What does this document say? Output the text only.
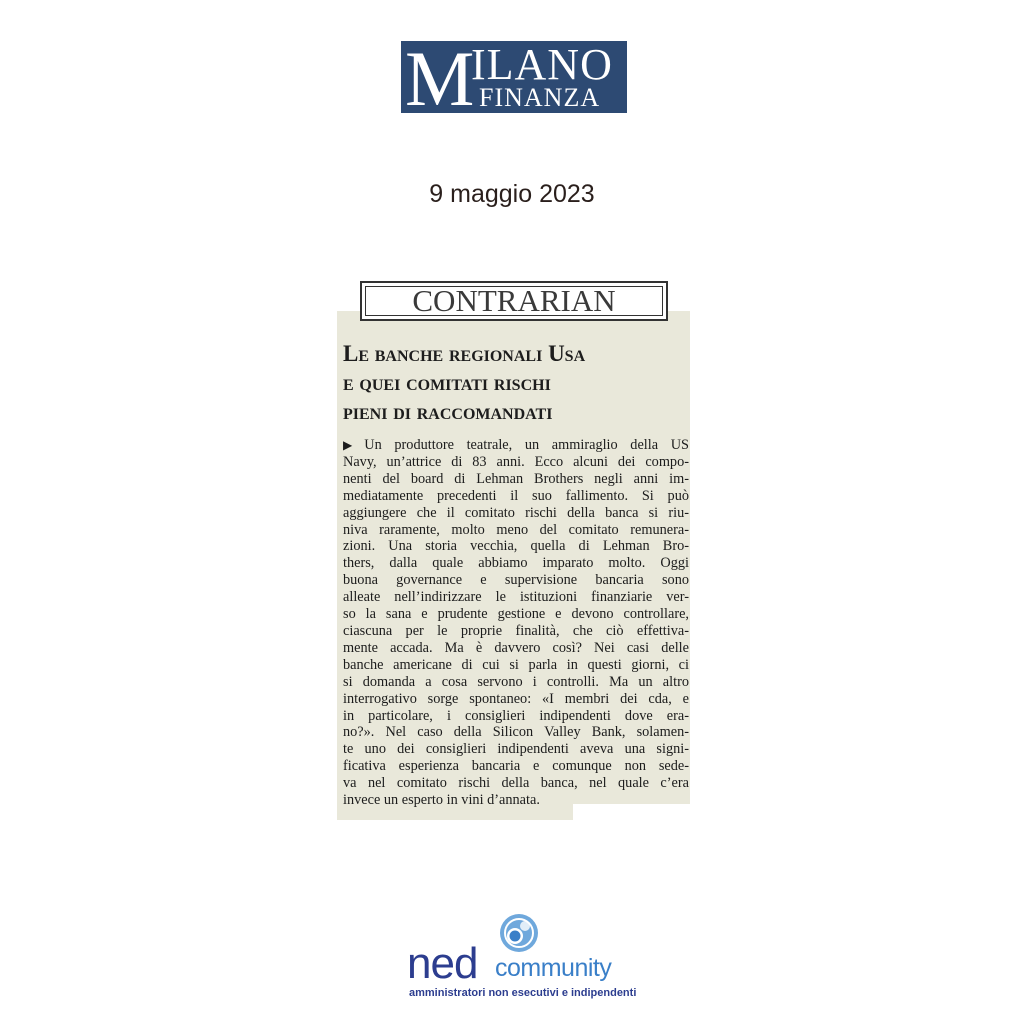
M
ILANO
FINANZA
9 maggio 2023
CONTRARIAN
Le banche regionali Usa
e quei comitati rischi
pieni di raccomandati
▶ Un produttore teatrale, un ammiraglio della US
Navy, un’attrice di 83 anni. Ecco alcuni dei compo-
nenti del board di Lehman Brothers negli anni im-
mediatamente precedenti il suo fallimento. Si può
aggiungere che il comitato rischi della banca si riu-
niva raramente, molto meno del comitato remunera-
zioni. Una storia vecchia, quella di Lehman Bro-
thers, dalla quale abbiamo imparato molto. Oggi
buona governance e supervisione bancaria sono
alleate nell’indirizzare le istituzioni finanziarie ver-
so la sana e prudente gestione e devono controllare,
ciascuna per le proprie finalità, che ciò effettiva-
mente accada. Ma è davvero così? Nei casi delle
banche americane di cui si parla in questi giorni, ci
si domanda a cosa servono i controlli. Ma un altro
interrogativo sorge spontaneo: «I membri dei cda, e
in particolare, i consiglieri indipendenti dove era-
no?». Nel caso della Silicon Valley Bank, solamen-
te uno dei consiglieri indipendenti aveva una signi-
ficativa esperienza bancaria e comunque non sede-
va nel comitato rischi della banca, nel quale c’era
invece un esperto in vini d’annata.
ned community
amministratori non esecutivi e indipendenti
